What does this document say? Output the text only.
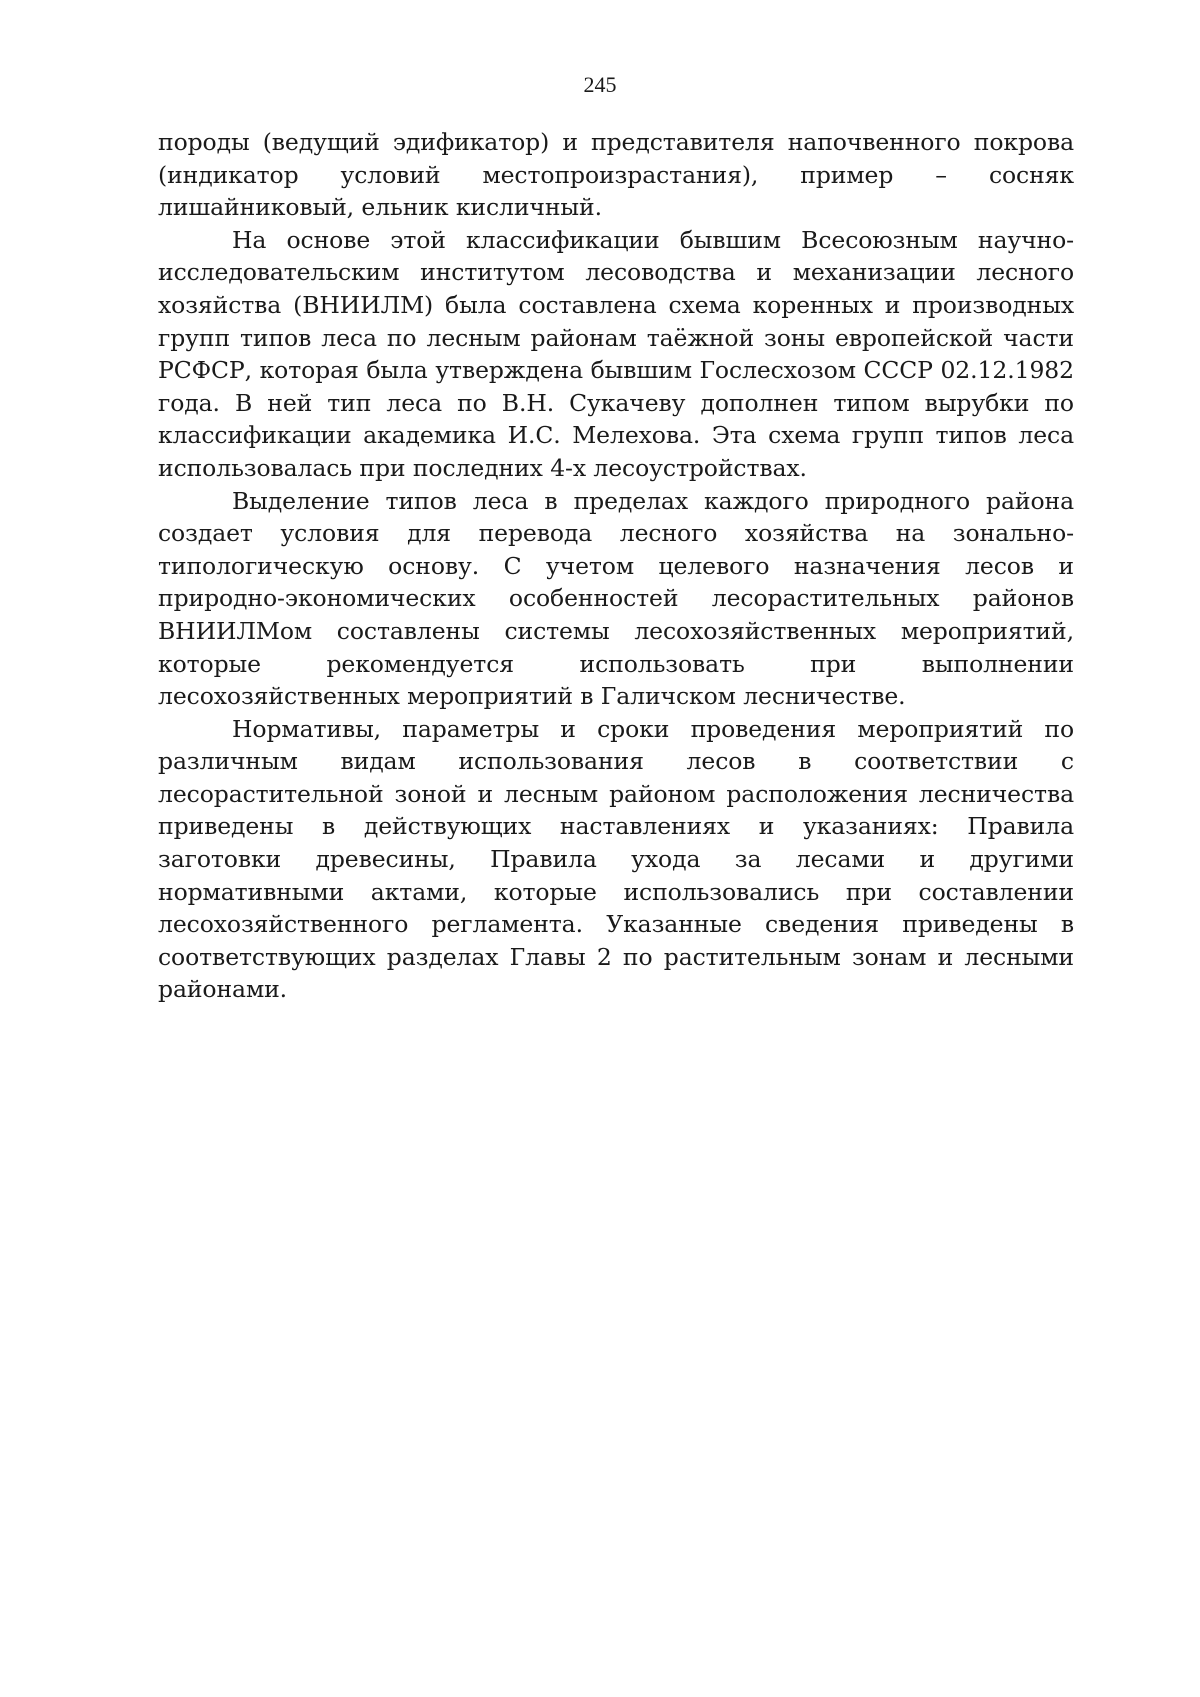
245

породы (ведущий эдификатор) и представителя напочвенного покрова (индикатор условий местопроизрастания), пример – сосняк лишайниковый, ельник кисличный.

На основе этой классификации бывшим Всесоюзным научно-исследовательским институтом лесоводства и механизации лесного хозяйства (ВНИИЛМ) была составлена схема коренных и производных групп типов леса по лесным районам таёжной зоны европейской части РСФСР, которая была утверждена бывшим Гослесхозом СССР 02.12.1982 года. В ней тип леса по В.Н. Сукачеву дополнен типом вырубки по классификации академика И.С. Мелехова. Эта схема групп типов леса использовалась при последних 4-х лесоустройствах.

Выделение типов леса в пределах каждого природного района создает условия для перевода лесного хозяйства на зонально-типологическую основу. С учетом целевого назначения лесов и природно-экономических особенностей лесорастительных районов ВНИИЛМом составлены системы лесохозяйственных мероприятий, которые рекомендуется использовать при выполнении лесохозяйственных мероприятий в Галичском лесничестве.

Нормативы, параметры и сроки проведения мероприятий по различным видам использования лесов в соответствии с лесорастительной зоной и лесным районом расположения лесничества приведены в действующих наставлениях и указаниях: Правила заготовки древесины, Правила ухода за лесами и другими нормативными актами, которые использовались при составлении лесохозяйственного регламента. Указанные сведения приведены в соответствующих разделах Главы 2 по растительным зонам и лесными районами.
